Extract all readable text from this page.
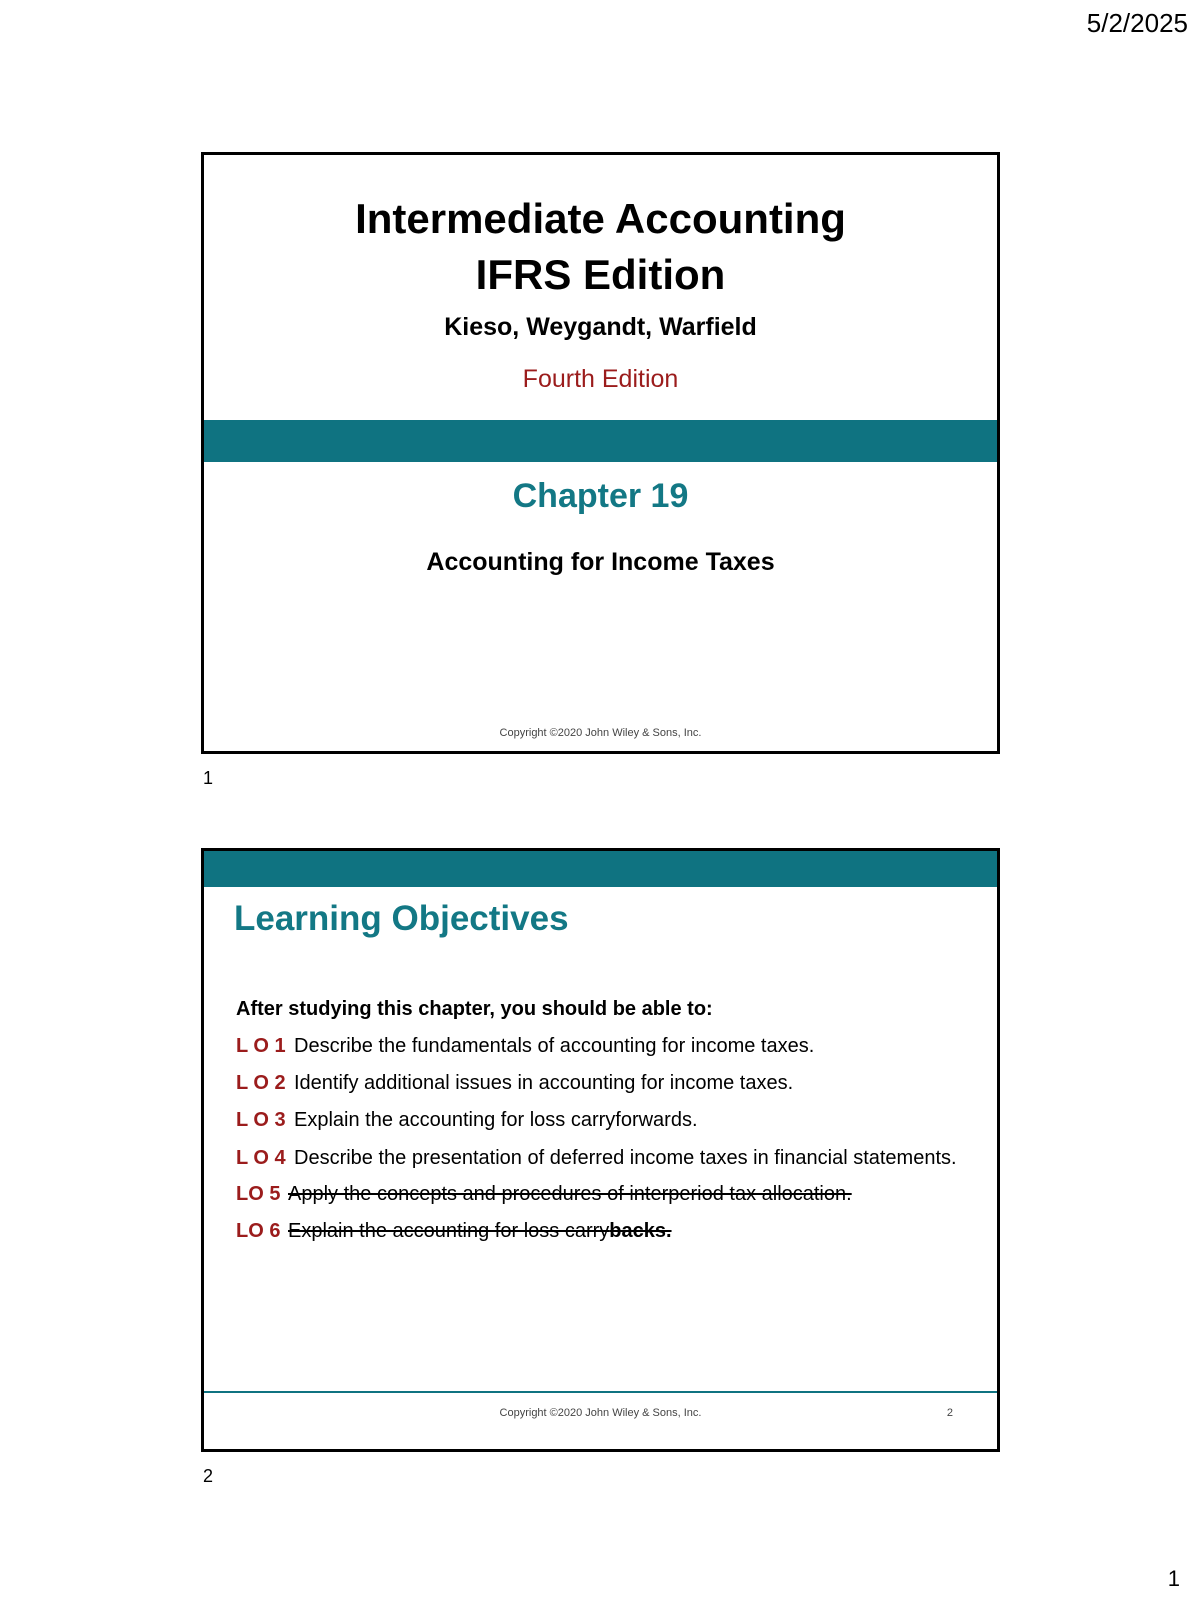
5/2/2025
Intermediate Accounting
IFRS Edition
Kieso, Weygandt, Warfield
Fourth Edition
Chapter 19
Accounting for Income Taxes
Copyright ©2020 John Wiley & Sons, Inc.
1
Learning Objectives
After studying this chapter, you should be able to:
L O 1 Describe the fundamentals of accounting for income taxes.
L O 2 Identify additional issues in accounting for income taxes.
L O 3 Explain the accounting for loss carryforwards.
L O 4 Describe the presentation of deferred income taxes in financial statements.
LO 5 Apply the concepts and procedures of interperiod tax allocation.
LO 6 Explain the accounting for loss carrybacks.
Copyright ©2020 John Wiley & Sons, Inc.	2
2
1
